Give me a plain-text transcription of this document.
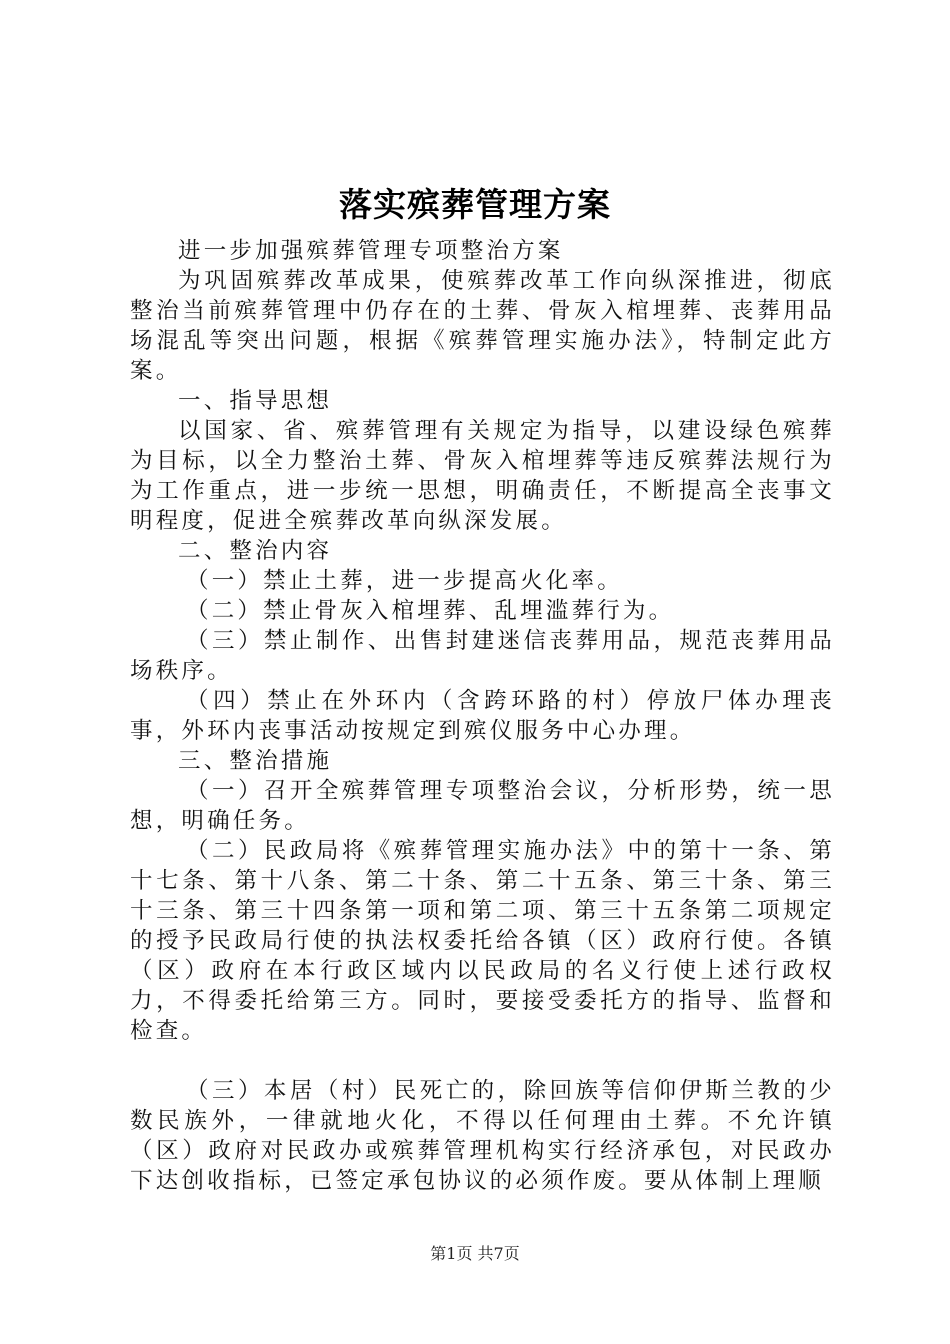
落实殡葬管理方案

进一步加强殡葬管理专项整治方案

为巩固殡葬改革成果，使殡葬改革工作向纵深推进，彻底整治当前殡葬管理中仍存在的土葬、骨灰入棺埋葬、丧葬用品场混乱等突出问题，根据《殡葬管理实施办法》，特制定此方案。

一、指导思想

以国家、省、殡葬管理有关规定为指导，以建设绿色殡葬为目标，以全力整治土葬、骨灰入棺埋葬等违反殡葬法规行为为工作重点，进一步统一思想，明确责任，不断提高全丧事文明程度，促进全殡葬改革向纵深发展。

二、整治内容

（一）禁止土葬，进一步提高火化率。

（二）禁止骨灰入棺埋葬、乱埋滥葬行为。

（三）禁止制作、出售封建迷信丧葬用品，规范丧葬用品场秩序。

（四）禁止在外环内（含跨环路的村）停放尸体办理丧事，外环内丧事活动按规定到殡仪服务中心办理。

三、整治措施

（一）召开全殡葬管理专项整治会议，分析形势，统一思想，明确任务。

（二）民政局将《殡葬管理实施办法》中的第十一条、第十七条、第十八条、第二十条、第二十五条、第三十条、第三十三条、第三十四条第一项和第二项、第三十五条第二项规定的授予民政局行使的执法权委托给各镇（区）政府行使。各镇（区）政府在本行政区域内以民政局的名义行使上述行政权力，不得委托给第三方。同时，要接受委托方的指导、监督和检查。

（三）本居（村）民死亡的，除回族等信仰伊斯兰教的少数民族外，一律就地火化，不得以任何理由土葬。不允许镇（区）政府对民政办或殡葬管理机构实行经济承包，对民政办下达创收指标，已签定承包协议的必须作废。要从体制上理顺

第1页 共7页
